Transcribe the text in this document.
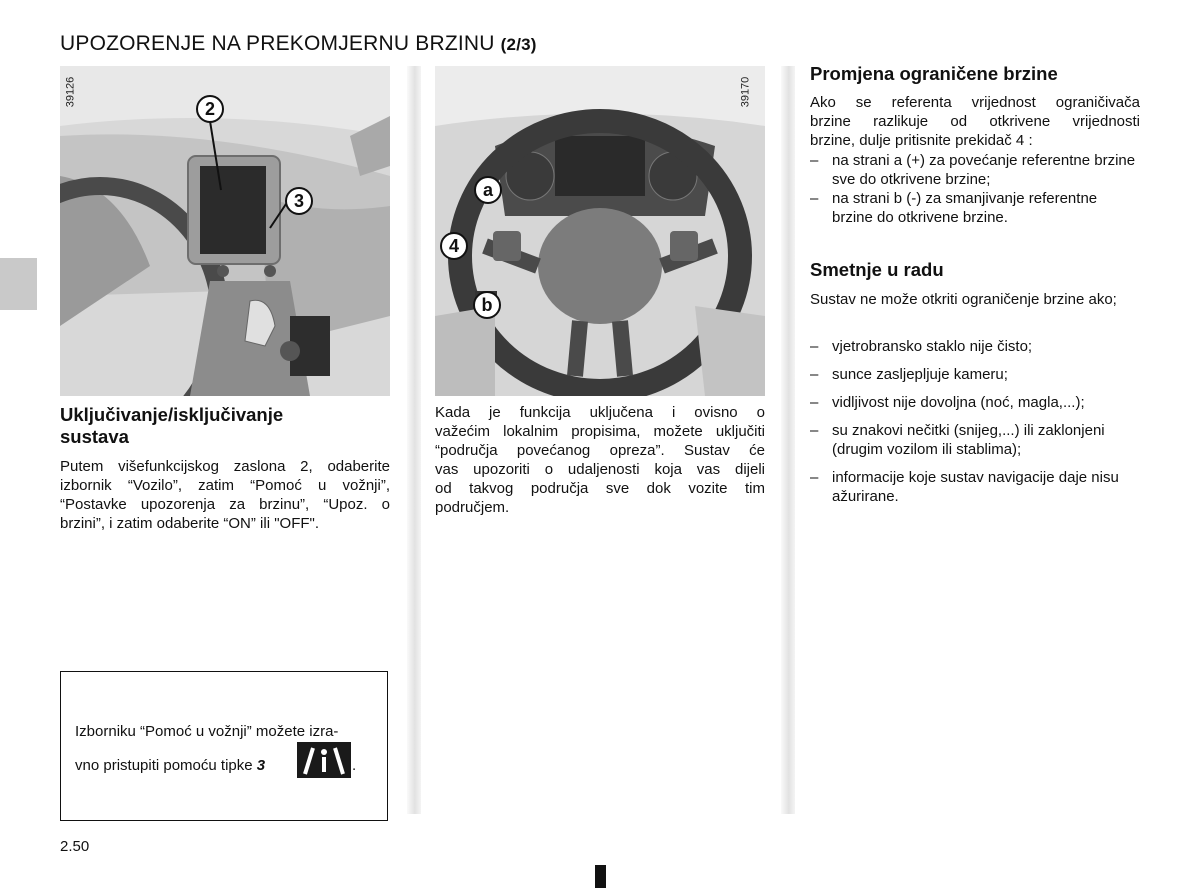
UPOZORENJE NA PREKOMJERNU BRZINU (2/3)
39126
2
3
39170
a
4
b
Uključivanje/isključivanje
sustava
Putem višefunkcijskog zaslona 2, odaberite
izbornik “Vozilo”, zatim “Pomoć u vožnji”,
“Postavke upozorenja za brzinu”, “Upoz. o
brzini”, i zatim odaberite “ON” ili "OFF".
Izborniku “Pomoć u vožnji” možete izra-
vno pristupiti pomoću tipke 3	.
2.50
Kada je funkcija uključena i ovisno o
važećim lokalnim propisima, možete uključiti
“područja povećanog opreza”. Sustav će
vas upozoriti o udaljenosti koja vas dijeli
od takvog područja sve dok vozite tim
područjem.
Promjena ograničene brzine
Ako se referenta vrijednost ograničivača
brzine razlikuje od otkrivene vrijednosti
brzine, dulje pritisnite prekidač 4 :
– na strani a (+) za povećanje referentne brzine sve do otkrivene brzine;
– na strani b (-) za smanjivanje referentne brzine do otkrivene brzine.
Smetnje u radu
Sustav ne može otkriti ograničenje brzine ako;
– vjetrobransko staklo nije čisto;
– sunce zasljepljuje kameru;
– vidljivost nije dovoljna (noć, magla,...);
– su znakovi nečitki (snijeg,...) ili zaklonjeni (drugim vozilom ili stablima);
– informacije koje sustav navigacije daje nisu ažurirane.
